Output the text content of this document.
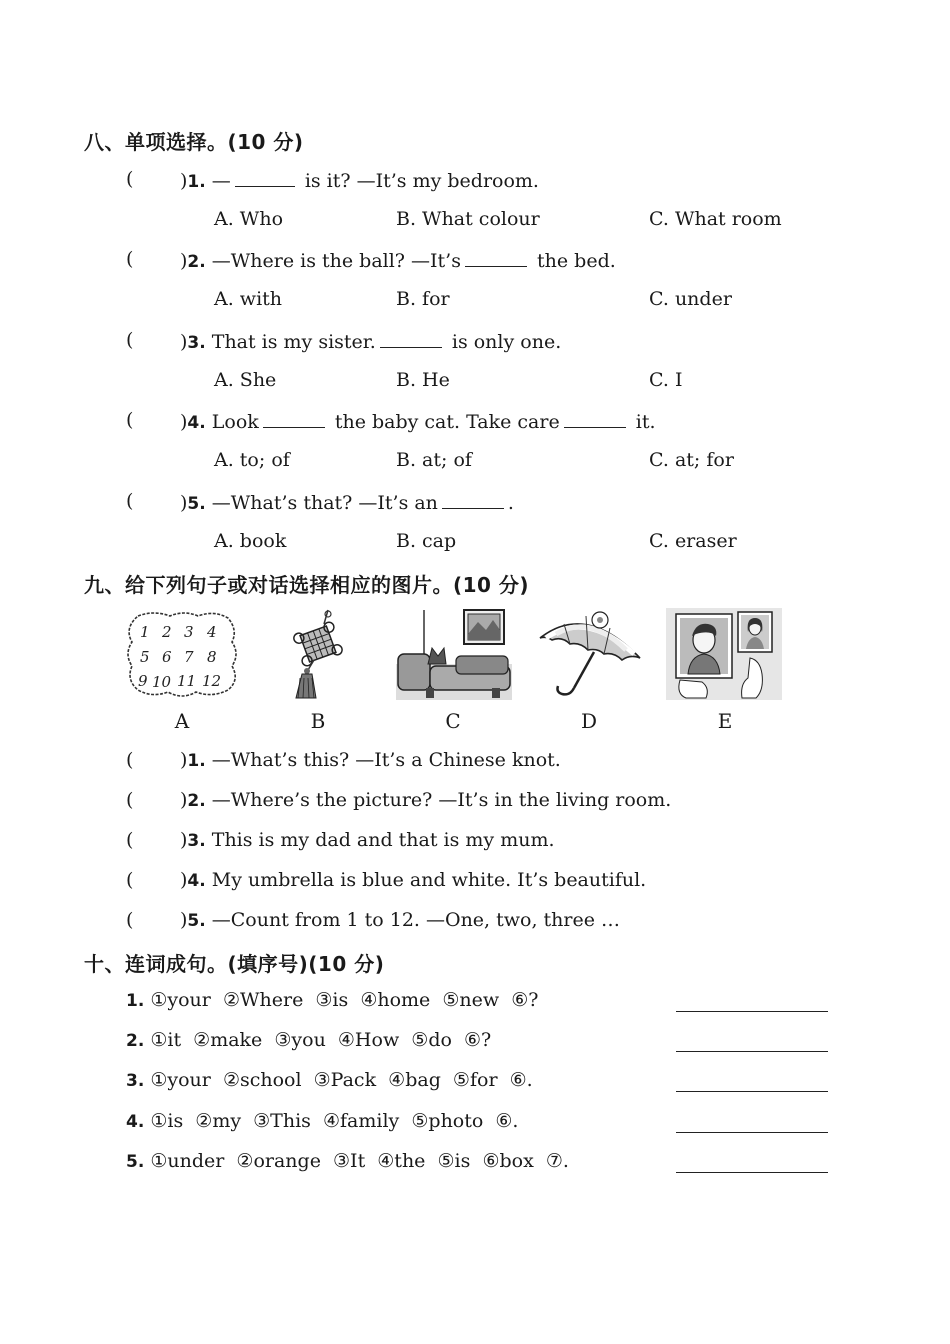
八、单项选择。(10 分)
( )1. —	is it? —It’s my bedroom.
A. Who	B. What colour	C. What room
( )2. —Where is the ball? —It’s	the bed.
A. with	B. for	C. under
( )3. That is my sister.	is only one.
A. She	B. He	C. I
( )4. Look	the baby cat. Take care	it.
A. to; of	B. at; of	C. at; for
( )5. —What’s that? —It’s an	.
A. book	B. cap	C. eraser
九、给下列句子或对话选择相应的图片。(10 分)
1 2 3 4
5 6 7 8
9 10 11 12
A	B	C	D	E
( )1. —What’s this? —It’s a Chinese knot.
( )2. —Where’s the picture? —It’s in the living room.
( )3. This is my dad and that is my mum.
( )4. My umbrella is blue and white. It’s beautiful.
( )5. —Count from 1 to 12. —One, two, three …
十、连词成句。(填序号)(10 分)
1. ①your  ②Where  ③is  ④home  ⑤new  ⑥?
2. ①it  ②make  ③you  ④How  ⑤do  ⑥?
3. ①your  ②school  ③Pack  ④bag  ⑤for  ⑥.
4. ①is  ②my  ③This  ④family  ⑤photo  ⑥.
5. ①under  ②orange  ③It  ④the  ⑤is  ⑥box  ⑦.
